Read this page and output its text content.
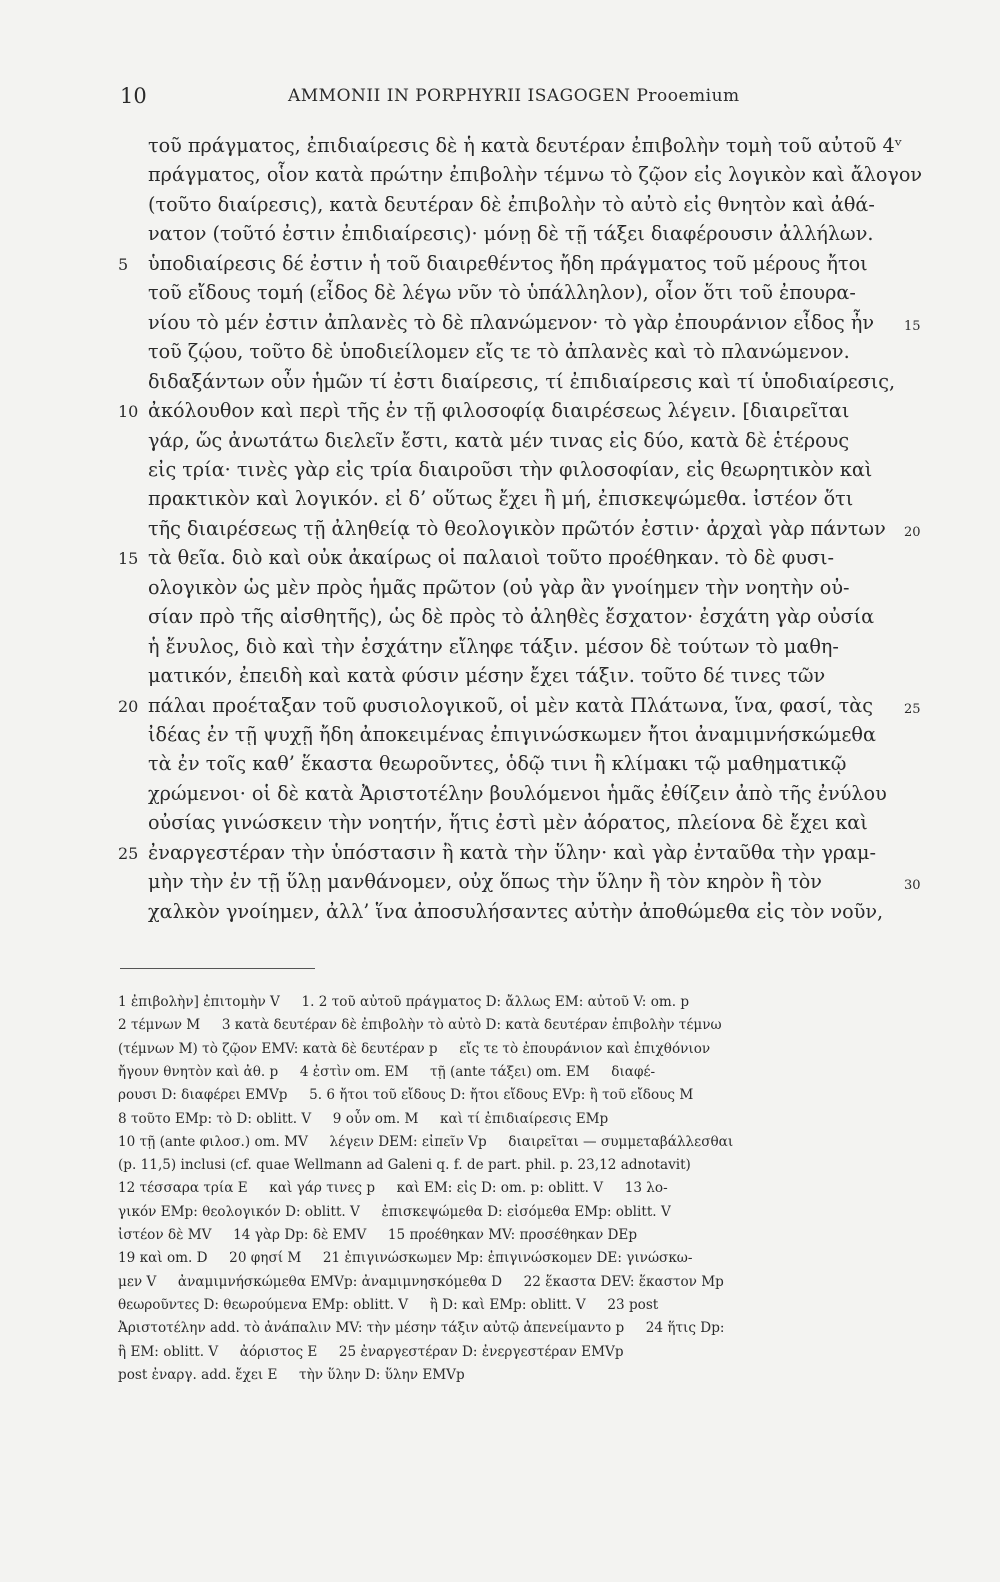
10	AMMONII IN PORPHYRII ISAGOGEN Prooemium
τοῦ πράγματος, ἐπιδιαίρεσις δὲ ἡ κατὰ δευτέραν ἐπιβολὴν τομὴ τοῦ αὐτοῦ 4ᵛ
πράγματος, οἷον κατὰ πρώτην ἐπιβολὴν τέμνω τὸ ζῷον εἰς λογικὸν καὶ ἄλογον
(τοῦτο διαίρεσις), κατὰ δευτέραν δὲ ἐπιβολὴν τὸ αὐτὸ εἰς θνητὸν καὶ ἀθά-
νατον (τοῦτό ἐστιν ἐπιδιαίρεσις)· μόνῃ δὲ τῇ τάξει διαφέρουσιν ἀλλήλων.
5 ὑποδιαίρεσις δέ ἐστιν ἡ τοῦ διαιρεθέντος ἤδη πράγματος τοῦ μέρους ἤτοι
τοῦ εἴδους τομή (εἶδος δὲ λέγω νῦν τὸ ὑπάλληλον), οἷον ὅτι τοῦ ἐπουρα-
νίου τὸ μέν ἐστιν ἀπλανὲς τὸ δὲ πλανώμενον· τὸ γὰρ ἐπουράνιον εἶδος ἦν 15
τοῦ ζῴου, τοῦτο δὲ ὑποδιείλομεν εἴς τε τὸ ἀπλανὲς καὶ τὸ πλανώμενον.
διδαξάντων οὖν ἡμῶν τί ἐστι διαίρεσις, τί ἐπιδιαίρεσις καὶ τί ὑποδιαίρεσις,
10 ἀκόλουθον καὶ περὶ τῆς ἐν τῇ φιλοσοφίᾳ διαιρέσεως λέγειν. [διαιρεῖται
γάρ, ὥς ἀνωτάτω διελεῖν ἔστι, κατὰ μέν τινας εἰς δύο, κατὰ δὲ ἑτέρους
εἰς τρία· τινὲς γὰρ εἰς τρία διαιροῦσι τὴν φιλοσοφίαν, εἰς θεωρητικὸν καὶ
πρακτικὸν καὶ λογικόν. εἰ δ’ οὕτως ἔχει ἢ μή, ἐπισκεψώμεθα. ἰστέον ὅτι
τῆς διαιρέσεως τῇ ἀληθείᾳ τὸ θεολογικὸν πρῶτόν ἐστιν· ἀρχαὶ γὰρ πάντων 20
15 τὰ θεῖα. διὸ καὶ οὐκ ἀκαίρως οἱ παλαιοὶ τοῦτο προέθηκαν. τὸ δὲ φυσι-
ολογικὸν ὡς μὲν πρὸς ἡμᾶς πρῶτον (οὐ γὰρ ἂν γνοίημεν τὴν νοητὴν οὐ-
σίαν πρὸ τῆς αἰσθητῆς), ὡς δὲ πρὸς τὸ ἀληθὲς ἔσχατον· ἐσχάτη γὰρ οὐσία
ἡ ἔνυλος, διὸ καὶ τὴν ἐσχάτην εἴληφε τάξιν. μέσον δὲ τούτων τὸ μαθη-
ματικόν, ἐπειδὴ καὶ κατὰ φύσιν μέσην ἔχει τάξιν. τοῦτο δέ τινες τῶν
20 πάλαι προέταξαν τοῦ φυσιολογικοῦ, οἱ μὲν κατὰ Πλάτωνα, ἵνα, φασί, τὰς 25
ἰδέας ἐν τῇ ψυχῇ ἤδη ἀποκειμένας ἐπιγινώσκωμεν ἤτοι ἀναμιμνήσκώμεθα
τὰ ἐν τοῖς καθ’ ἕκαστα θεωροῦντες, ὁδῷ τινι ἢ κλίμακι τῷ μαθηματικῷ
χρώμενοι· οἱ δὲ κατὰ Ἀριστοτέλην βουλόμενοι ἡμᾶς ἐθίζειν ἀπὸ τῆς ἐνύλου
οὐσίας γινώσκειν τὴν νοητήν, ἥτις ἐστὶ μὲν ἀόρατος, πλείονα δὲ ἔχει καὶ
25 ἐναργεστέραν τὴν ὑπόστασιν ἢ κατὰ τὴν ὕλην· καὶ γὰρ ἐνταῦθα τὴν γραμ-
μὴν τὴν ἐν τῇ ὕλῃ μανθάνομεν, οὐχ ὅπως τὴν ὕλην ἢ τὸν κηρὸν ἢ τὸν	30
χαλκὸν γνοίημεν, ἀλλ’ ἵνα ἀποσυλήσαντες αὐτὴν ἀποθώμεθα εἰς τὸν νοῦν,
1 ἐπιβολὴν] ἐπιτομὴν V     1. 2 τοῦ αὐτοῦ πράγματος D: ἄλλως EM: αὐτοῦ V: om. p
2 τέμνων M     3 κατὰ δευτέραν δὲ ἐπιβολὴν τὸ αὐτὸ D: κατὰ δευτέραν ἐπιβολὴν τέμνω
(τέμνων M) τὸ ζῷον EMV: κατὰ δὲ δευτέραν p     εἴς τε τὸ ἐπουράνιον καὶ ἐπιχθόνιον
ἤγουν θνητὸν καὶ ἀθ. p     4 ἐστὶν om. EM     τῇ (ante τάξει) om. EM     διαφέ-
ρουσι D: διαφέρει EMVp     5. 6 ἤτοι τοῦ εἴδους D: ἤτοι εἴδους EVp: ἢ τοῦ εἴδους M
8 τοῦτο EMp: τὸ D: oblitt. V     9 οὖν om. M     καὶ τί ἐπιδιαίρεσις EMp
10 τῇ (ante φιλοσ.) om. MV     λέγειν DEM: εἰπεῖν Vp     διαιρεῖται — συμμεταβάλλεσθαι
(p. 11,5) inclusi (cf. quae Wellmann ad Galeni q. f. de part. phil. p. 23,12 adnotavit)
12 τέσσαρα τρία E     καὶ γάρ τινες p     καὶ EM: εἰς D: om. p: oblitt. V     13 λο-
γικόν EMp: θεολογικόν D: oblitt. V     ἐπισκεψώμεθα D: εἰσόμεθα EMp: oblitt. V
ἰστέον δὲ MV     14 γὰρ Dp: δὲ EMV     15 προέθηκαν MV: προσέθηκαν DEp
19 καὶ om. D     20 φησί M     21 ἐπιγινώσκωμεν Mp: ἐπιγινώσκομεν DE: γινώσκω-
μεν V     ἀναμιμνήσκώμεθα EMVp: ἀναμιμνησκόμεθα D     22 ἕκαστα DEV: ἕκαστον Mp
θεωροῦντες D: θεωρούμενα EMp: oblitt. V     ἢ D: καὶ EMp: oblitt. V     23 post
Ἀριστοτέλην add. τὸ ἀνάπαλιν MV: τὴν μέσην τάξιν αὐτῷ ἀπενείμαντο p     24 ἥτις Dp:
ἣ EM: oblitt. V     ἀόριστος E     25 ἐναργεστέραν D: ἐνεργεστέραν EMVp
post ἐναργ. add. ἔχει E     τὴν ὕλην D: ὕλην EMVp
